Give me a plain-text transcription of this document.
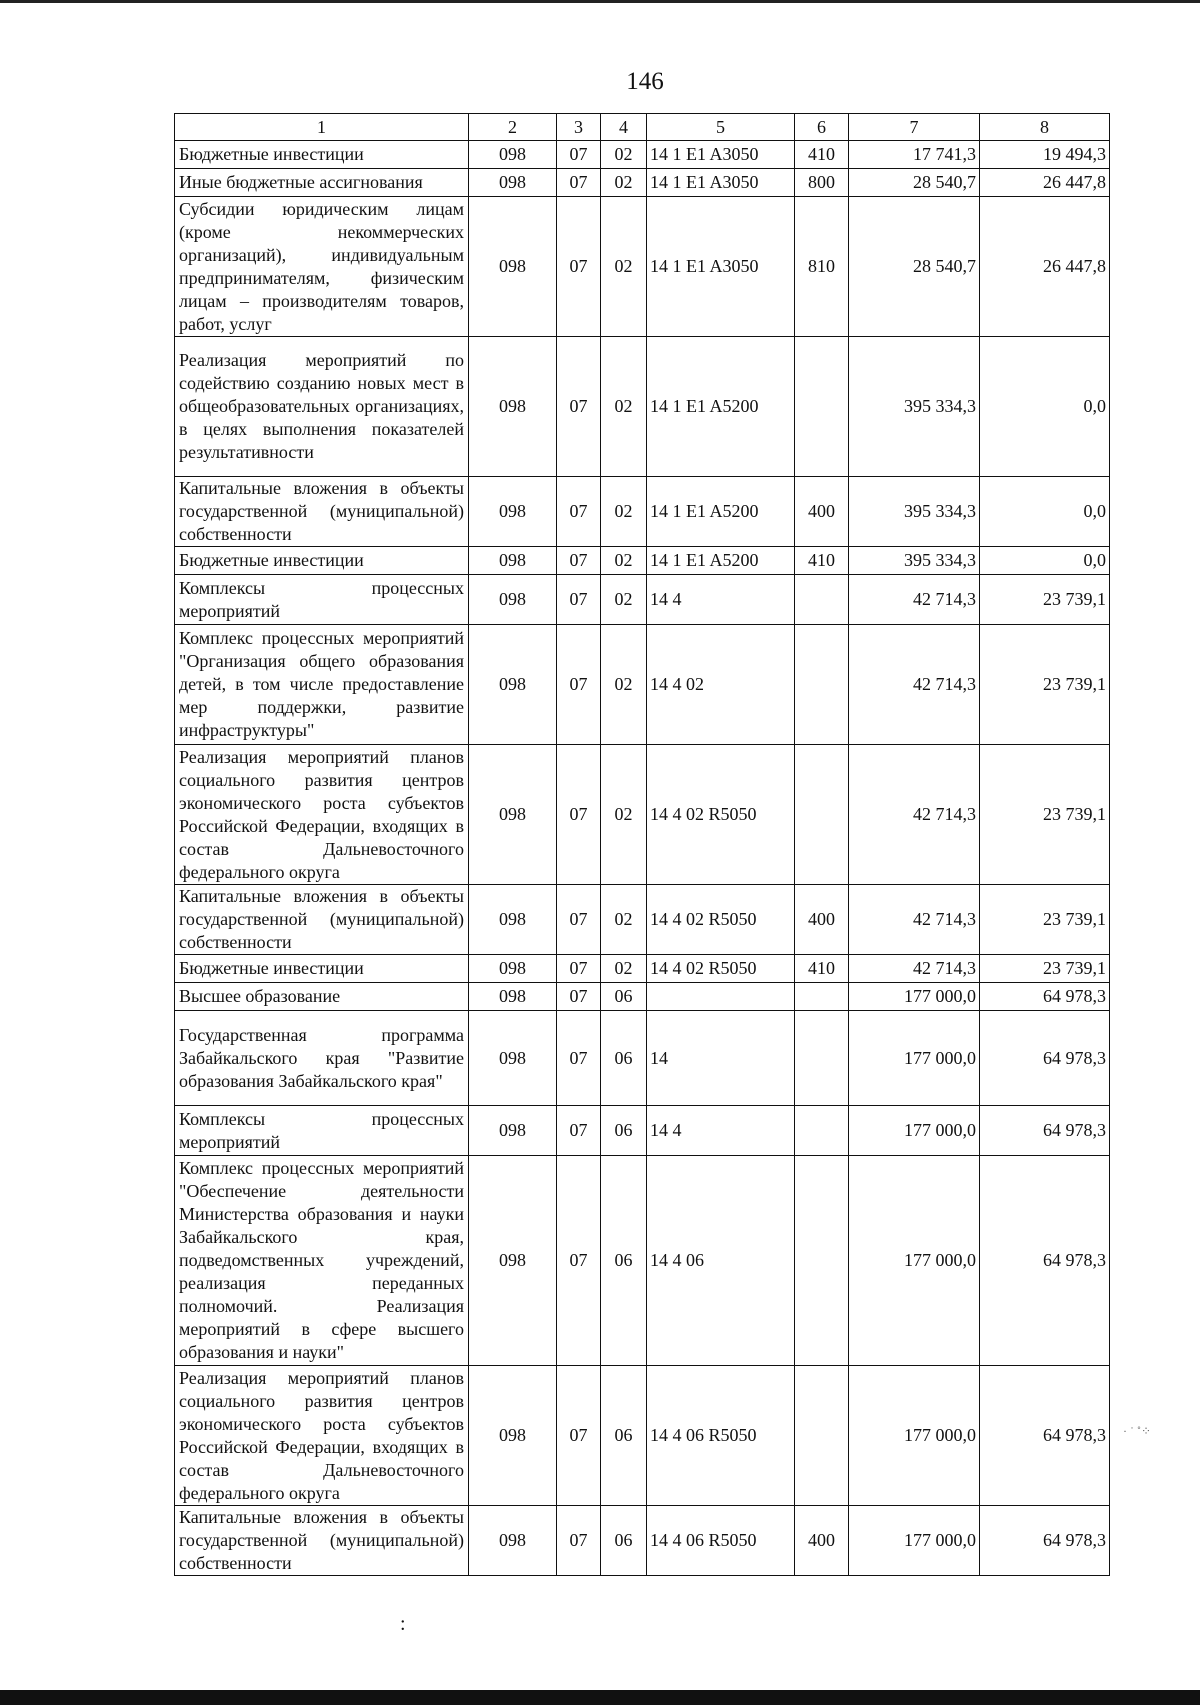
146
1	2	3	4	5	6	7	8
Бюджетные инвестиции	098	07	02	14 1 E1 A3050	410	17 741,3	19 494,3
Иные бюджетные ассигнования	098	07	02	14 1 E1 A3050	800	28 540,7	26 447,8
Субсидии юридическим лицам (кроме некоммерческих организаций), индивидуальным предпринимателям, физическим лицам – производителям товаров, работ, услуг	098	07	02	14 1 E1 A3050	810	28 540,7	26 447,8
Реализация мероприятий по содействию созданию новых мест в общеобразовательных организациях, в целях выполнения показателей результативности	098	07	02	14 1 E1 A5200		395 334,3	0,0
Капитальные вложения в объекты государственной (муниципальной) собственности	098	07	02	14 1 E1 A5200	400	395 334,3	0,0
Бюджетные инвестиции	098	07	02	14 1 E1 A5200	410	395 334,3	0,0
Комплексы процессных мероприятий	098	07	02	14 4		42 714,3	23 739,1
Комплекс процессных мероприятий "Организация общего образования детей, в том числе предоставление мер поддержки, развитие инфраструктуры"	098	07	02	14 4 02		42 714,3	23 739,1
Реализация мероприятий планов социального развития центров экономического роста субъектов Российской Федерации, входящих в состав Дальневосточного федерального округа	098	07	02	14 4 02 R5050		42 714,3	23 739,1
Капитальные вложения в объекты государственной (муниципальной) собственности	098	07	02	14 4 02 R5050	400	42 714,3	23 739,1
Бюджетные инвестиции	098	07	02	14 4 02 R5050	410	42 714,3	23 739,1
Высшее образование	098	07	06			177 000,0	64 978,3
Государственная программа Забайкальского края "Развитие образования Забайкальского края"	098	07	06	14		177 000,0	64 978,3
Комплексы процессных мероприятий	098	07	06	14 4		177 000,0	64 978,3
Комплекс процессных мероприятий "Обеспечение деятельности Министерства образования и науки Забайкальского края, подведомственных учреждений, реализация переданных полномочий. Реализация мероприятий в сфере высшего образования и науки"	098	07	06	14 4 06		177 000,0	64 978,3
Реализация мероприятий планов социального развития центров экономического роста субъектов Российской Федерации, входящих в состав Дальневосточного федерального округа	098	07	06	14 4 06 R5050		177 000,0	64 978,3
Капитальные вложения в объекты государственной (муниципальной) собственности	098	07	06	14 4 06 R5050	400	177 000,0	64 978,3
· ˙ ˚⁘
:
